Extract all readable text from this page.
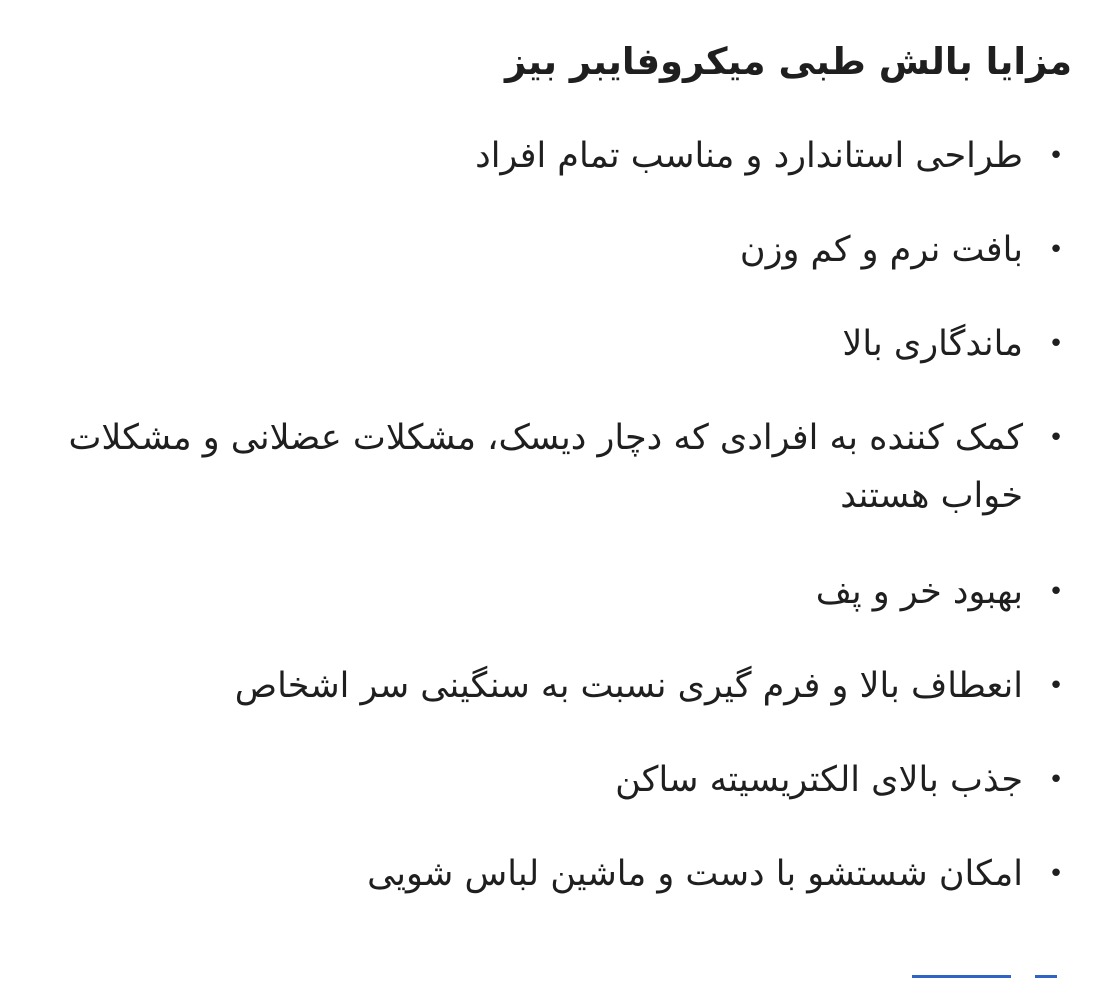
مزایا بالش طبی میکروفایبر بیز
•
طراحی استاندارد و مناسب تمام افراد
•
بافت نرم و کم وزن
•
ماندگاری بالا
•
کمک کننده به افرادی که دچار دیسک، مشکلات عضلانی و مشکلات خواب هستند
•
بهبود خر و پف
•
انعطاف بالا و فرم گیری نسبت به سنگینی سر اشخاص
•
جذب بالای الکتریسیته ساکن
•
امکان شستشو با دست و ماشین لباس شویی
